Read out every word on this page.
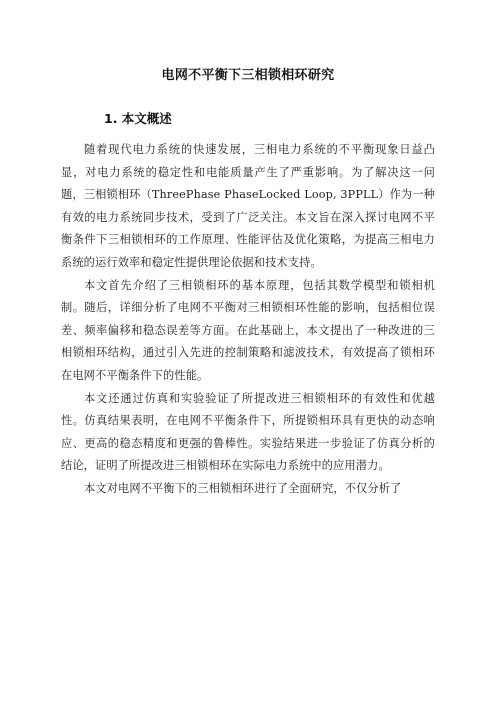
电网不平衡下三相锁相环研究
1. 本文概述

随着现代电力系统的快速发展，三相电力系统的不平衡现象日益凸显，对电力系统的稳定性和电能质量产生了严重影响。为了解决这一问题，三相锁相环（ThreePhase PhaseLocked Loop, 3PPLL）作为一种有效的电力系统同步技术，受到了广泛关注。本文旨在深入探讨电网不平衡条件下三相锁相环的工作原理、性能评估及优化策略，为提高三相电力系统的运行效率和稳定性提供理论依据和技术支持。

本文首先介绍了三相锁相环的基本原理，包括其数学模型和锁相机制。随后，详细分析了电网不平衡对三相锁相环性能的影响，包括相位误差、频率偏移和稳态误差等方面。在此基础上，本文提出了一种改进的三相锁相环结构，通过引入先进的控制策略和滤波技术，有效提高了锁相环在电网不平衡条件下的性能。

本文还通过仿真和实验验证了所提改进三相锁相环的有效性和优越性。仿真结果表明，在电网不平衡条件下，所提锁相环具有更快的动态响应、更高的稳态精度和更强的鲁棒性。实验结果进一步验证了仿真分析的结论，证明了所提改进三相锁相环在实际电力系统中的应用潜力。

本文对电网不平衡下的三相锁相环进行了全面研究，不仅分析了
